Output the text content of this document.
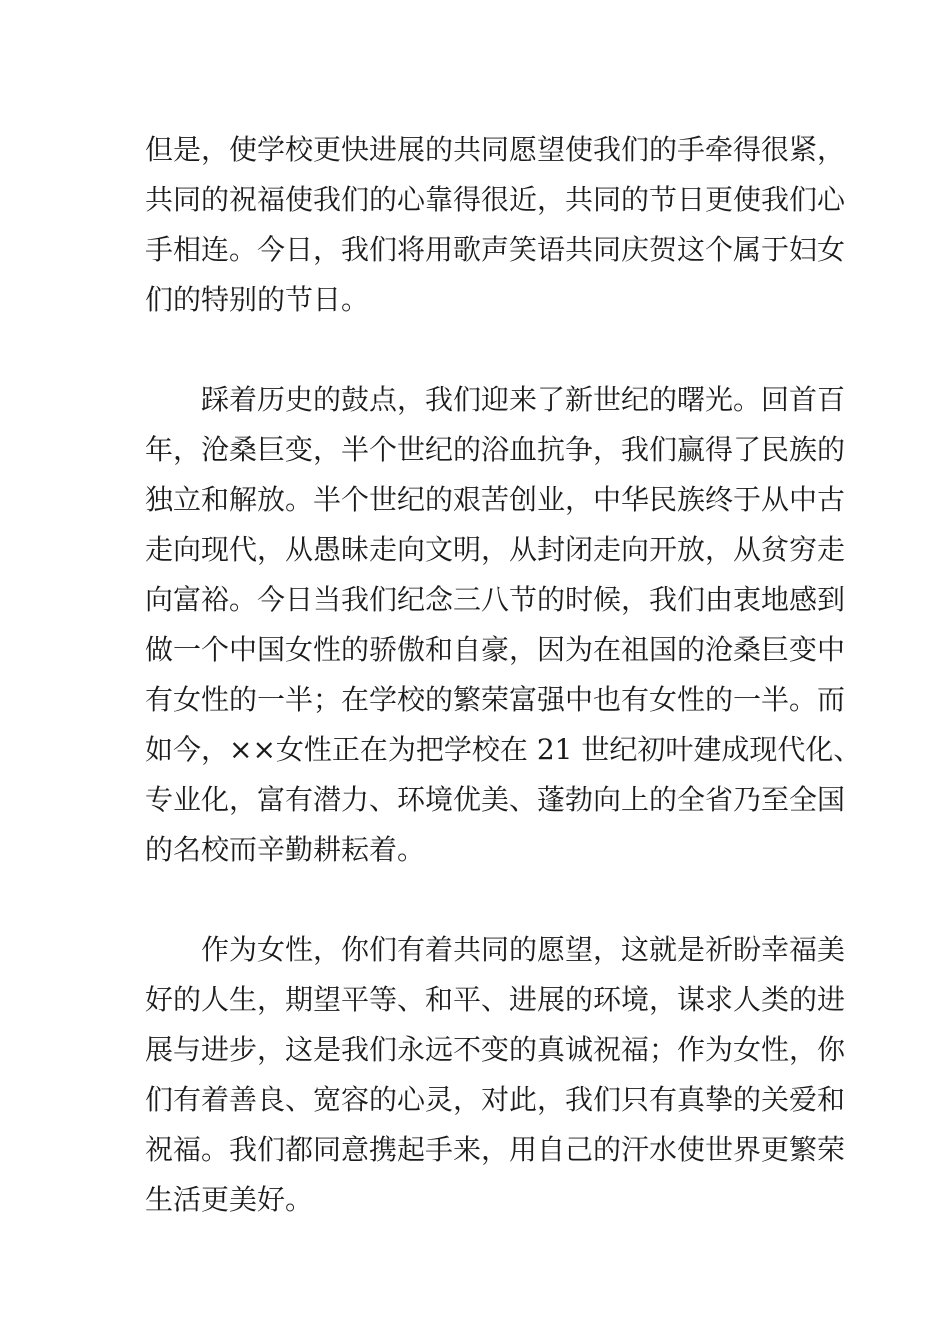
但是，使学校更快进展的共同愿望使我们的手牵得很紧，

共同的祝福使我们的心靠得很近，共同的节日更使我们心

手相连。今日，我们将用歌声笑语共同庆贺这个属于妇女

们的特别的节日。

　　踩着历史的鼓点，我们迎来了新世纪的曙光。回首百

年，沧桑巨变，半个世纪的浴血抗争，我们赢得了民族的

独立和解放。半个世纪的艰苦创业，中华民族终于从中古

走向现代，从愚昧走向文明，从封闭走向开放，从贫穷走

向富裕。今日当我们纪念三八节的时候，我们由衷地感到

做一个中国女性的骄傲和自豪，因为在祖国的沧桑巨变中

有女性的一半；在学校的繁荣富强中也有女性的一半。而

如今，××女性正在为把学校在 21 世纪初叶建成现代化、

专业化，富有潜力、环境优美、蓬勃向上的全省乃至全国

的名校而辛勤耕耘着。

　　作为女性，你们有着共同的愿望，这就是祈盼幸福美

好的人生，期望平等、和平、进展的环境，谋求人类的进

展与进步，这是我们永远不变的真诚祝福；作为女性，你

们有着善良、宽容的心灵，对此，我们只有真挚的关爱和

祝福。我们都同意携起手来，用自己的汗水使世界更繁荣

生活更美好。
